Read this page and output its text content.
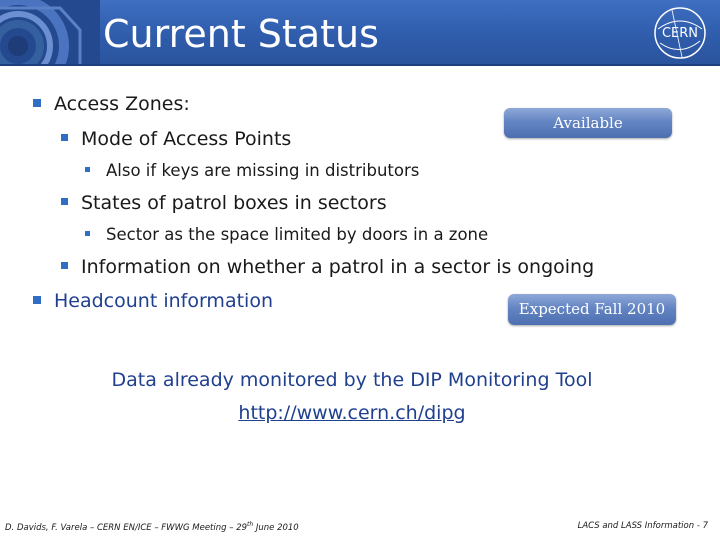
Current Status	CERN
Access Zones:
Mode of Access Points
Also if keys are missing in distributors
States of patrol boxes in sectors
Sector as the space limited by doors in a zone
Information on whether a patrol in a sector is ongoing
Headcount information
Available
Expected Fall 2010
Data already monitored by the DIP Monitoring Tool
http://www.cern.ch/dipg
D. Davids, F. Varela – CERN EN/ICE – FWWG Meeting – 29th June 2010	LACS and LASS Information - 7
